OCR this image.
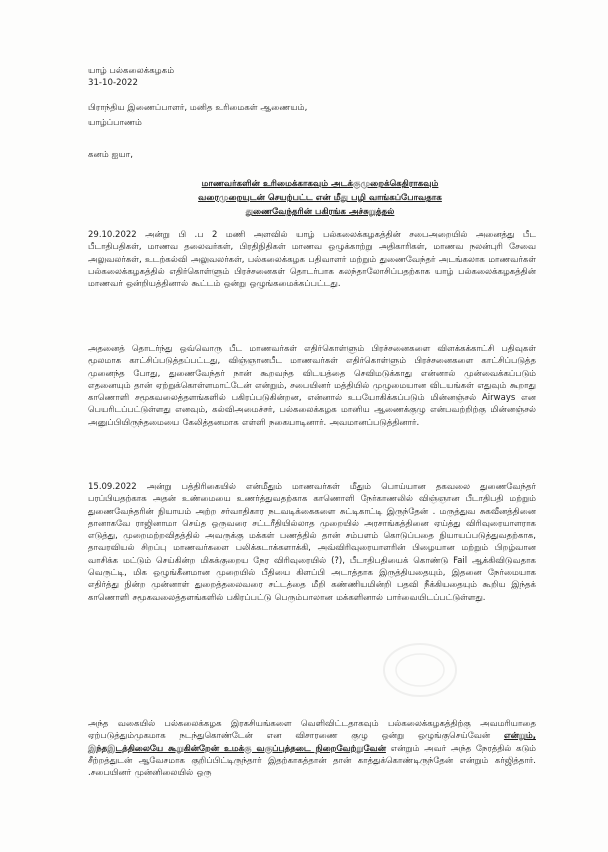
யாழ் பல்கலைக்கழகம்
31-10-2022
பிராந்திய இணைப்பாளர், மனித உரிமைகள் ஆணையம்,
யாழ்ப்பாணம்
கனம் ஐயா,
மாணவர்களின் உரிமைக்காகவும் அடக்குமுறைக்கெதிராகவும்
வரைமுறையுடன் செயற்பட்ட என் மீது பழி வாங்கப்போவதாக
துணைவேந்தரின் பகிரங்க அச்சுறுத்தல்
29.10.2022 அன்று பி .ப 2 மணி அளவில் யாழ் பல்கலைக்கழகத்தின் சபைஅறையில் அனைத்து பீட பீடாதிபதிகள், மாணவ தலைவர்கள், பிரதிநிதிகள் மாணவ ஒழுக்காற்று அதிகாரிகள், மாணவ நலன்புரி சேவை அலுவலர்கள், உடற்கல்வி அலுவலர்கள், பல்கலைக்கழக பதிவாளர் மற்றும் துணைவேந்தர் அடங்கலாக மாணவர்கள் பல்கலைக்கழகத்தில் எதிர்கொள்ளும் பிரச்சனைகள் தொடர்பாக கலந்தாலோசிப்பதற்காக யாழ் பல்கலைக்கழகத்தின் மாணவர் ஒன்றியத்தினால் கூட்டம் ஒன்று ஒழுங்கமைக்கப்பட்டது.
அதனைத் தொடர்ந்து ஒவ்வொரு பீட மாணவர்கள் எதிர்கொள்ளும் பிரச்சனைகளை விளக்கக்காட்சி பதிவுகள் மூலமாக காட்சிப்படுத்தப்பட்டது, விஞ்ஞானபீட மாணவர்கள் எதிர்கொள்ளும் பிரச்சனைகளை காட்சிப்படுத்த முனைந்த போது, துணைவேந்தர் நான் கூறவந்த விடயத்தை செவிமடுக்காது என்னால் முன்வைக்கப்படும் எதனையும் தான் ஏற்றுக்கொள்ளமாட்டேன் என்றும், சபையினர் மத்தியில் முழுமையான விடயங்கள் எதுவும் கூறாது காணொளி சமூகவலைத்தளங்களில் பகிரப்படுகின்றன, என்னால் உபயோகிக்கப்படும் மின்னஞ்சல் Airways என பெயரிடப்பட்டுள்ளது எனவும், கல்விஅமைச்சர், பல்கலைக்கழக மானிய ஆணைக்குழு என்பவற்றிற்கு மின்னஞ்சல் அனுப்பியிருந்தமையை கேலித்தனமாக எள்ளி நகையாடினார். அவமானப்படுத்தினார்.
15.09.2022 அன்று பத்திரிகையில் என்மீதும் மாணவர்கள் மீதும் பொய்யான தகவலை துணைவேந்தர் பரப்பியதற்காக அதன் உண்மையை உணர்த்துவதற்காக காணொளி நேர்காணலில் விஞ்ஞான பீடாதிபதி மற்றும் துணைவேந்தரின் நியாயம் அற்ற சர்வாதிகார நடவடிக்கைகளை சுட்டிகாட்டி இருந்தேன் . மருத்துவ சுகவீனத்தினை தானாகவே ராஜினாமா செய்த ஒருவரை சட்டரீதியில்லாத முறையில் அரசாங்கத்தினை ஏய்த்து விரிவுரையாளராக எடுத்து, முறைமற்றவிதத்தில் அவருக்கு மக்கள் பணத்தில் தான் சம்பளம் கொடுப்பதை நியாயப்படுத்துவதற்காக, தாவரவியல் சிறப்பு மாணவர்களை பலிக்கடாக்களாக்கி, அவ்விரிவுரையாளரின் பிழையான மற்றும் பிறழ்வான வாசிக்க மட்டும் செய்கின்ற மிகக்குறைய நேர விரிவுரையில் (?), பீடாதிபதியைக் கொண்டு Fail ஆக்கிவிடுவதாக வெருட்டி, மிக ஒழுங்கீனமான முறையில் பீதியை கிளப்பி அடாத்தாக இருத்தியதையும், இதனை நேர்மையாக எதிர்த்து நின்ற முன்னாள் துறைத்தலைவரை சட்டத்தை மீறி கண்ணியமின்றி பதவி நீக்கியதையும் கூறிய இந்தக் காணொளி சமூகவலைத்தளங்களில் பகிரப்பட்டு பெரும்பாலான மக்களினால் பார்வையிடப்பட்டுள்ளது.
அந்த வகையில் பல்கலைக்கழக இரகசியங்களை வெளிவிட்டதாகவும் பல்கலைக்கழகத்திற்கு அவமரியாதை ஏற்படுத்தும்முகமாக நடந்துகொண்டேன் என விசாரணை குழு ஒன்று ஒழுங்குசெய்வேன் என்றும், இந்தஇடத்திலையே கூறுகின்றேன் உமக்கு வகுப்புத்தடை நிறைவேற்றுவேன் என்றும் அவர் அந்த நேரத்தில் கடும் சீற்றத்துடன் ஆவேசமாக குறிப்பிட்டிருந்தார் இதற்காகத்தான் தான் காத்துக்கொண்டிருந்தேன் என்றும் கர்ஜித்தார். .சபையினர் முன்னிலையில் ஒரு
